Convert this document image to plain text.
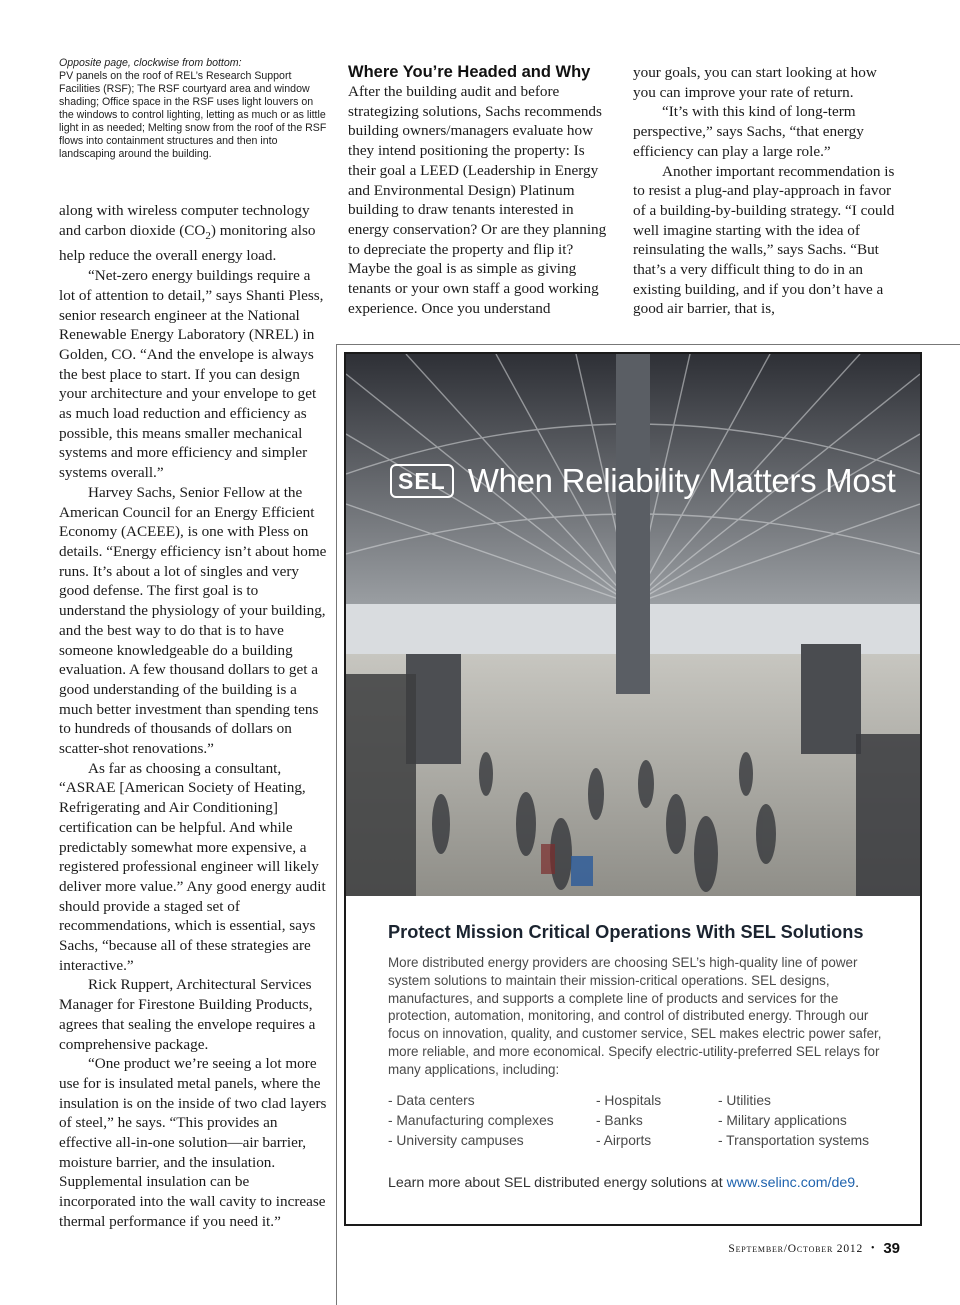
Opposite page, clockwise from bottom:
PV panels on the roof of REL’s Research Support Facilities (RSF); The RSF courtyard area and window shading; Office space in the RSF uses light louvers on the windows to control lighting, letting as much or as little light in as needed; Melting snow from the roof of the RSF flows into containment structures and then into landscaping around the building.

along with wireless computer technology and carbon dioxide $(CO_2)$ monitoring also help reduce the overall energy load.

“Net-zero energy buildings require a lot of attention to detail,” says Shanti Pless, senior research engineer at the National Renewable Energy Laboratory (NREL) in Golden, CO. “And the envelope is always the best place to start. If you can design your architecture and your envelope to get as much load reduction and efficiency as possible, this means smaller mechanical systems and more efficiency and simpler systems overall.”

Harvey Sachs, Senior Fellow at the American Council for an Energy Efficient Economy (ACEEE), is one with Pless on details. “Energy efficiency isn’t about home runs. It’s about a lot of singles and very good defense. The first goal is to understand the physiology of your building, and the best way to do that is to have someone knowledgeable do a building evaluation. A few thousand dollars to get a good understanding of the building is a much better investment than spending tens to hundreds of thousands of dollars on scatter-shot renovations.”

As far as choosing a consultant, “ASRAE [American Society of Heating, Refrigerating and Air Conditioning] certification can be helpful. And while predictably somewhat more expensive, a registered professional engineer will likely deliver more value.” Any good energy audit should provide a staged set of recommendations, which is essential, says Sachs, “because all of these strategies are interactive.”

Rick Ruppert, Architectural Services Manager for Firestone Building Products, agrees that sealing the envelope requires a comprehensive package.

“One product we’re seeing a lot more use for is insulated metal panels, where the insulation is on the inside of two clad layers of steel,” he says. “This provides an effective all-in-one solution—air barrier, moisture barrier, and the insulation. Supplemental insulation can be incorporated into the wall cavity to increase thermal performance if you need it.”

Where You’re Headed and Why

After the building audit and before strategizing solutions, Sachs recommends building owners/managers evaluate how they intend positioning the property: Is their goal a LEED (Leadership in Energy and Environmental Design) Platinum building to draw tenants interested in energy conservation? Or are they planning to depreciate the property and flip it? Maybe the goal is as simple as giving tenants or your own staff a good working experience. Once you understand

your goals, you can start looking at how you can improve your rate of return.

“It’s with this kind of long-term perspective,” says Sachs, “that energy efficiency can play a large role.”

Another important recommendation is to resist a plug-and play-approach in favor of a building-by-building strategy. “I could well imagine starting with the idea of reinsulating the walls,” says Sachs. “But that’s a very difficult thing to do in an existing building, and if you don’t have a good air barrier, that is,

SEL When Reliability Matters Most
Protect Mission Critical Operations With SEL Solutions

More distributed energy providers are choosing SEL’s high-quality line of power system solutions to maintain their mission-critical operations. SEL designs, manufactures, and supports a complete line of products and services for the protection, automation, monitoring, and control of distributed energy. Through our focus on innovation, quality, and customer service, SEL makes electric power safer, more reliable, and more economical. Specify electric-utility-preferred SEL relays for many applications, including:

- Data centers
- Manufacturing complexes
- University campuses
- Hospitals
- Banks
- Airports
- Utilities
- Military applications
- Transportation systems
Learn more about SEL distributed energy solutions at www.selinc.com/de9.
September/October 2012 • 39
